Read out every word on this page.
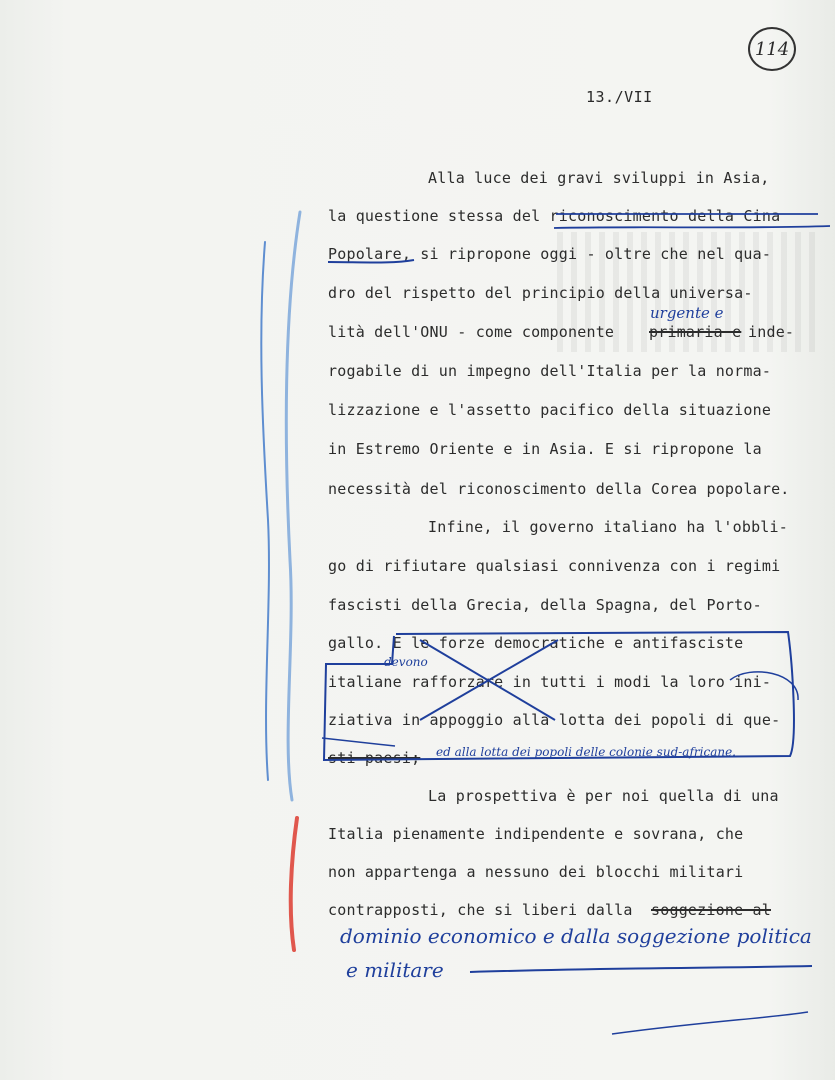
114
13./VII
Alla luce dei gravi sviluppi in Asia,
la questione stessa del riconoscimento della Cina
Popolare, si ripropone oggi - oltre che nel qua-
dro del rispetto del principio della universa-
lità dell'ONU - come componente primaria e inde-
rogabile di un impegno dell'Italia per la norma-
lizzazione e l'assetto pacifico della situazione
in Estremo Oriente e in Asia. E si ripropone la
necessità del riconoscimento della Corea popolare.
Infine, il governo italiano ha l'obbli-
go di rifiutare qualsiasi connivenza con i regimi
fascisti della Grecia, della Spagna, del Porto-
gallo. E le forze democratiche e antifasciste
italiane rafforzare in tutti i modi la loro ini-
ziativa in appoggio alla lotta dei popoli di que-
sti paesi;
La prospettiva è per noi quella di una
Italia pienamente indipendente e sovrana, che
non appartenga a nessuno dei blocchi militari
contrapposti, che si liberi dalla soggezione al
urgente e
devono
ed alla lotta dei popoli delle colonie sud-africane.
dominio economico e dalla soggezione politica
e militare
